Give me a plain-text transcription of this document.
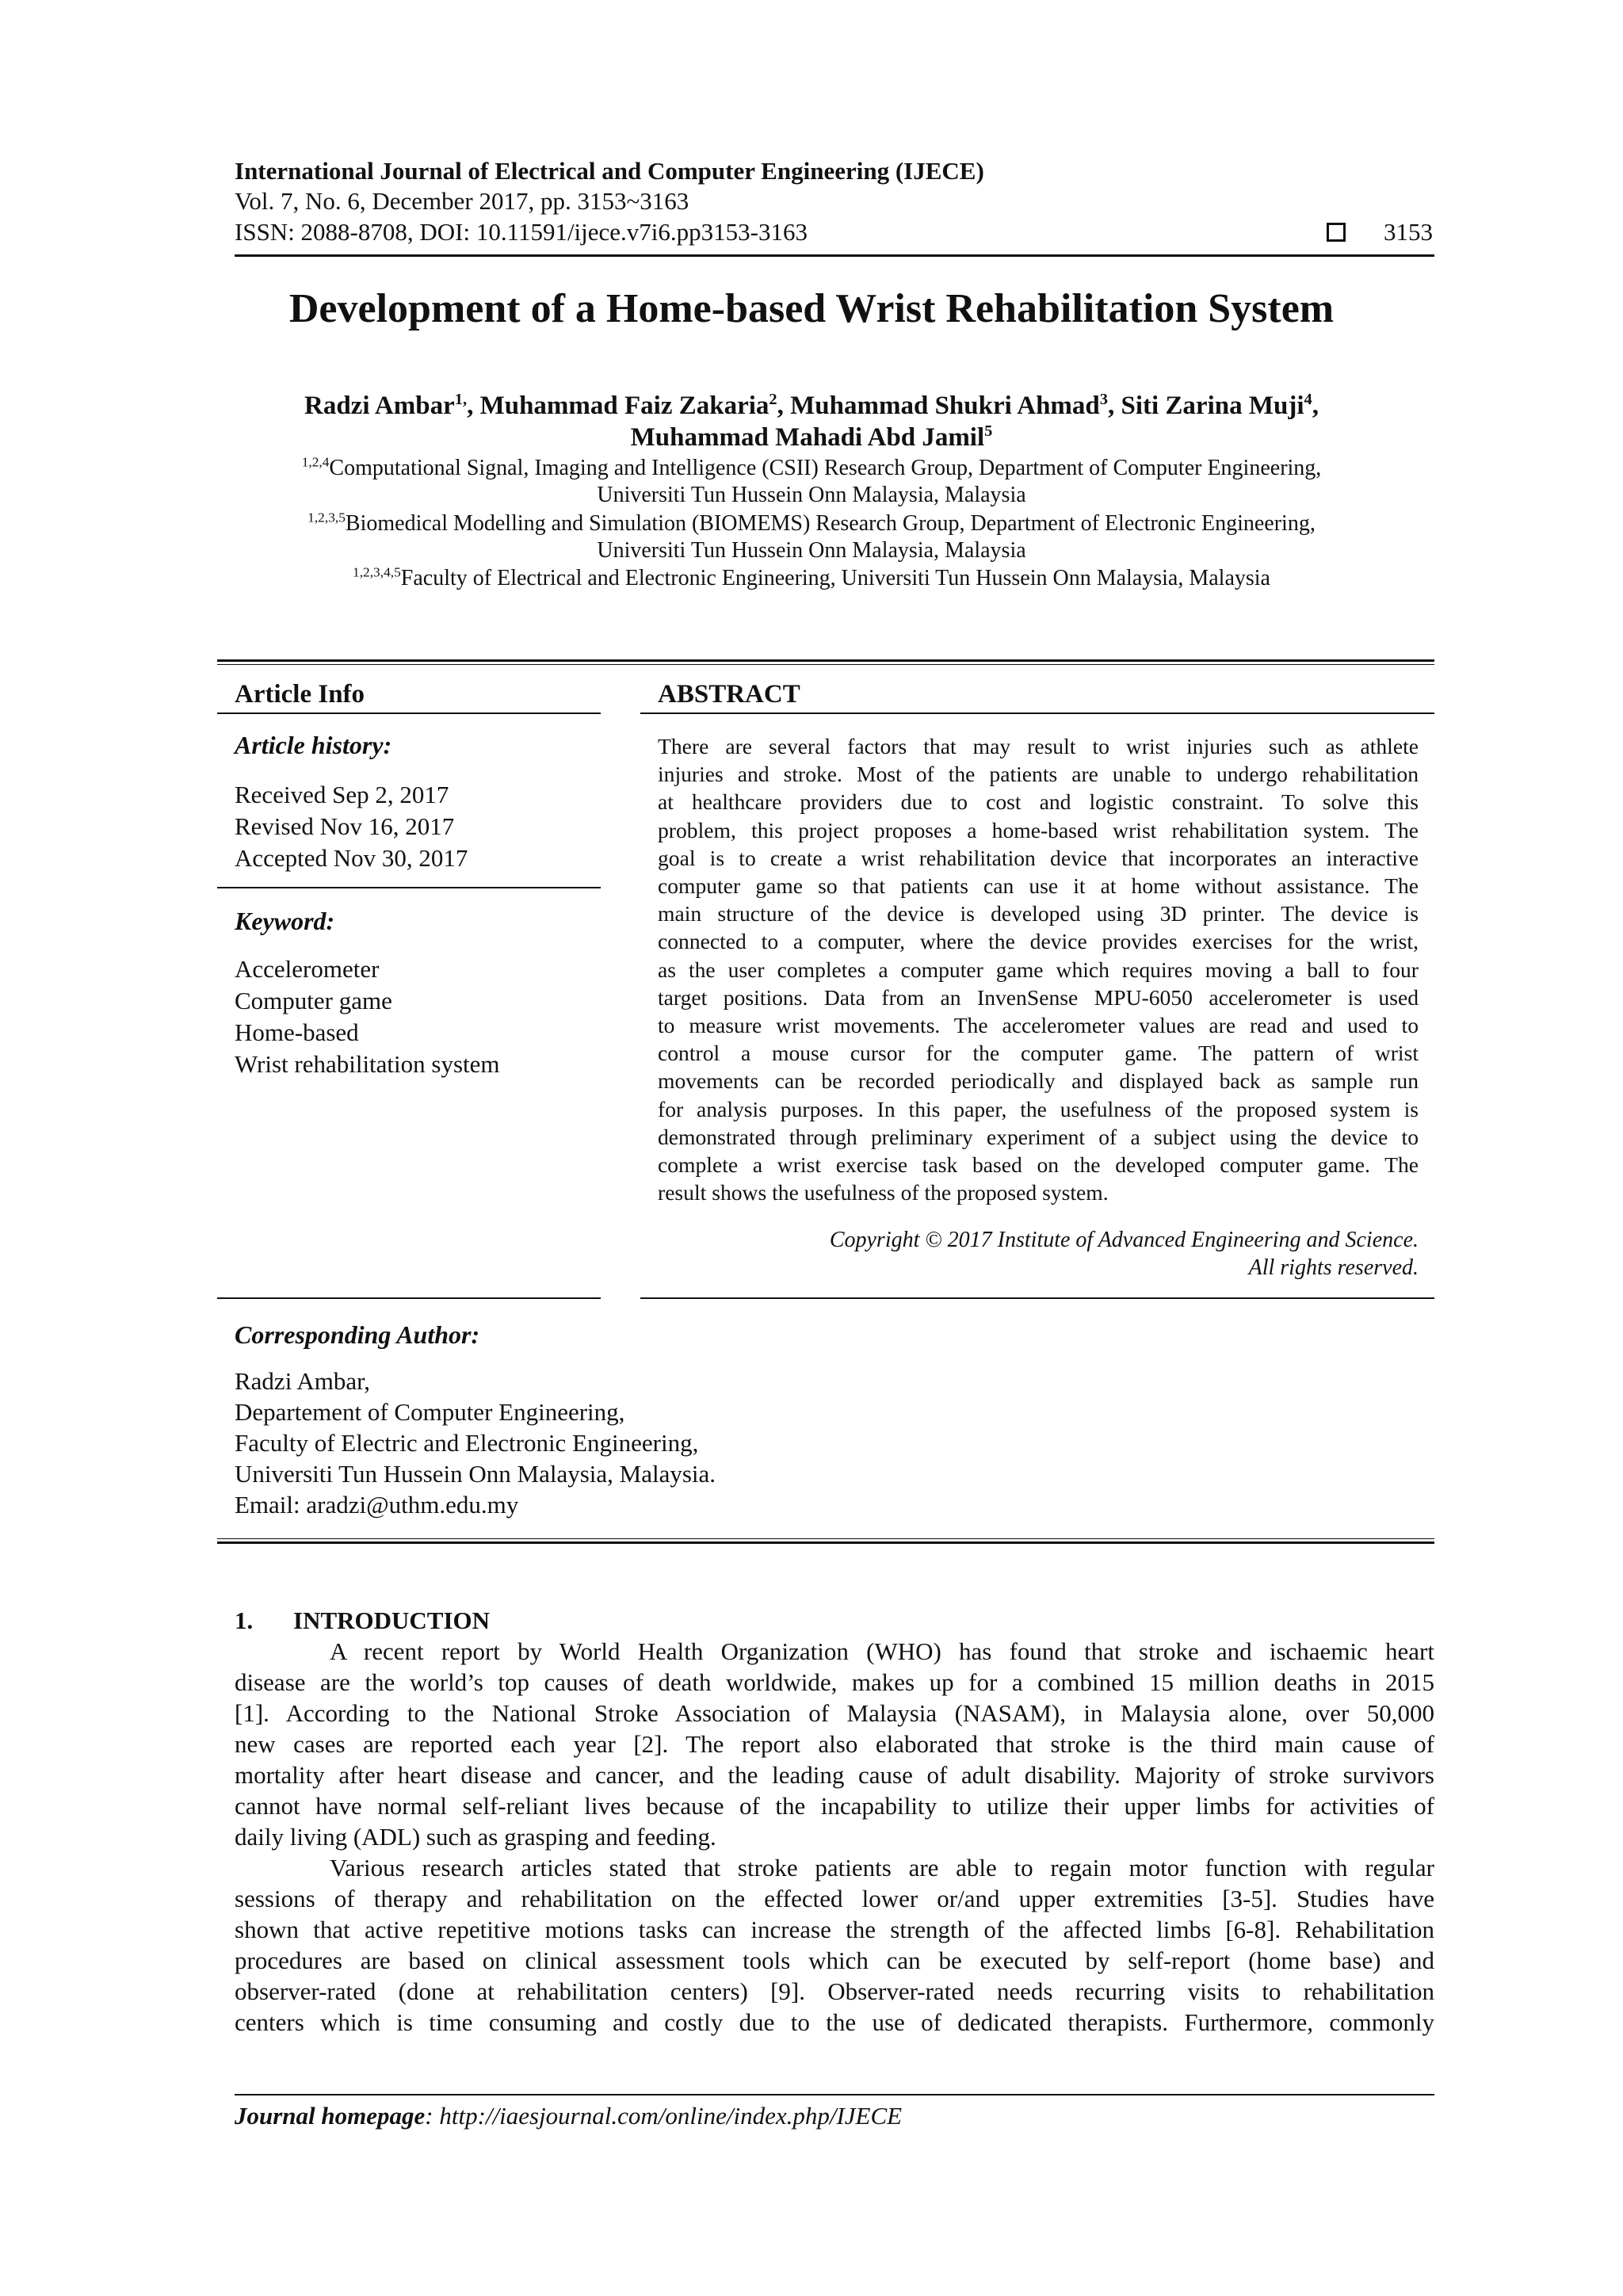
International Journal of Electrical and Computer Engineering (IJECE)
Vol. 7, No. 6, December 2017, pp. 3153~3163
ISSN: 2088-8708, DOI: 10.11591/ijece.v7i6.pp3153-3163	3153
Development of a Home-based Wrist Rehabilitation System
Radzi Ambar$^{1,}$, Muhammad Faiz Zakaria$^2$, Muhammad Shukri Ahmad$^3$, Siti Zarina Muji$^4$,
Muhammad Mahadi Abd Jamil$^5$
$^{1,2,4}$Computational Signal, Imaging and Intelligence (CSII) Research Group, Department of Computer Engineering,
Universiti Tun Hussein Onn Malaysia, Malaysia
$^{1,2,3,5}$Biomedical Modelling and Simulation (BIOMEMS) Research Group, Department of Electronic Engineering,
Universiti Tun Hussein Onn Malaysia, Malaysia
$^{1,2,3,4,5}$Faculty of Electrical and Electronic Engineering, Universiti Tun Hussein Onn Malaysia, Malaysia
Article Info
Article history:
Received Sep 2, 2017
Revised Nov 16, 2017
Accepted Nov 30, 2017
Keyword:
Accelerometer
Computer game
Home-based
Wrist rehabilitation system
ABSTRACT
There are several factors that may result to wrist injuries such as athlete
injuries and stroke. Most of the patients are unable to undergo rehabilitation
at healthcare providers due to cost and logistic constraint. To solve this
problem, this project proposes a home-based wrist rehabilitation system. The
goal is to create a wrist rehabilitation device that incorporates an interactive
computer game so that patients can use it at home without assistance. The
main structure of the device is developed using 3D printer. The device is
connected to a computer, where the device provides exercises for the wrist,
as the user completes a computer game which requires moving a ball to four
target positions. Data from an InvenSense MPU-6050 accelerometer is used
to measure wrist movements. The accelerometer values are read and used to
control a mouse cursor for the computer game. The pattern of wrist
movements can be recorded periodically and displayed back as sample run
for analysis purposes. In this paper, the usefulness of the proposed system is
demonstrated through preliminary experiment of a subject using the device to
complete a wrist exercise task based on the developed computer game. The
result shows the usefulness of the proposed system.
Copyright © 2017 Institute of Advanced Engineering and Science.
All rights reserved.
Corresponding Author:
Radzi Ambar,
Departement of Computer Engineering,
Faculty of Electric and Electronic Engineering,
Universiti Tun Hussein Onn Malaysia, Malaysia.
Email: aradzi@uthm.edu.my
1. INTRODUCTION
A recent report by World Health Organization (WHO) has found that stroke and ischaemic heart
disease are the world’s top causes of death worldwide, makes up for a combined 15 million deaths in 2015
[1]. According to the National Stroke Association of Malaysia (NASAM), in Malaysia alone, over 50,000
new cases are reported each year [2]. The report also elaborated that stroke is the third main cause of
mortality after heart disease and cancer, and the leading cause of adult disability. Majority of stroke survivors
cannot have normal self-reliant lives because of the incapability to utilize their upper limbs for activities of
daily living (ADL) such as grasping and feeding.
Various research articles stated that stroke patients are able to regain motor function with regular
sessions of therapy and rehabilitation on the effected lower or/and upper extremities [3-5]. Studies have
shown that active repetitive motions tasks can increase the strength of the affected limbs [6-8]. Rehabilitation
procedures are based on clinical assessment tools which can be executed by self-report (home base) and
observer-rated (done at rehabilitation centers) [9]. Observer-rated needs recurring visits to rehabilitation
centers which is time consuming and costly due to the use of dedicated therapists. Furthermore, commonly
Journal homepage: http://iaesjournal.com/online/index.php/IJECE
